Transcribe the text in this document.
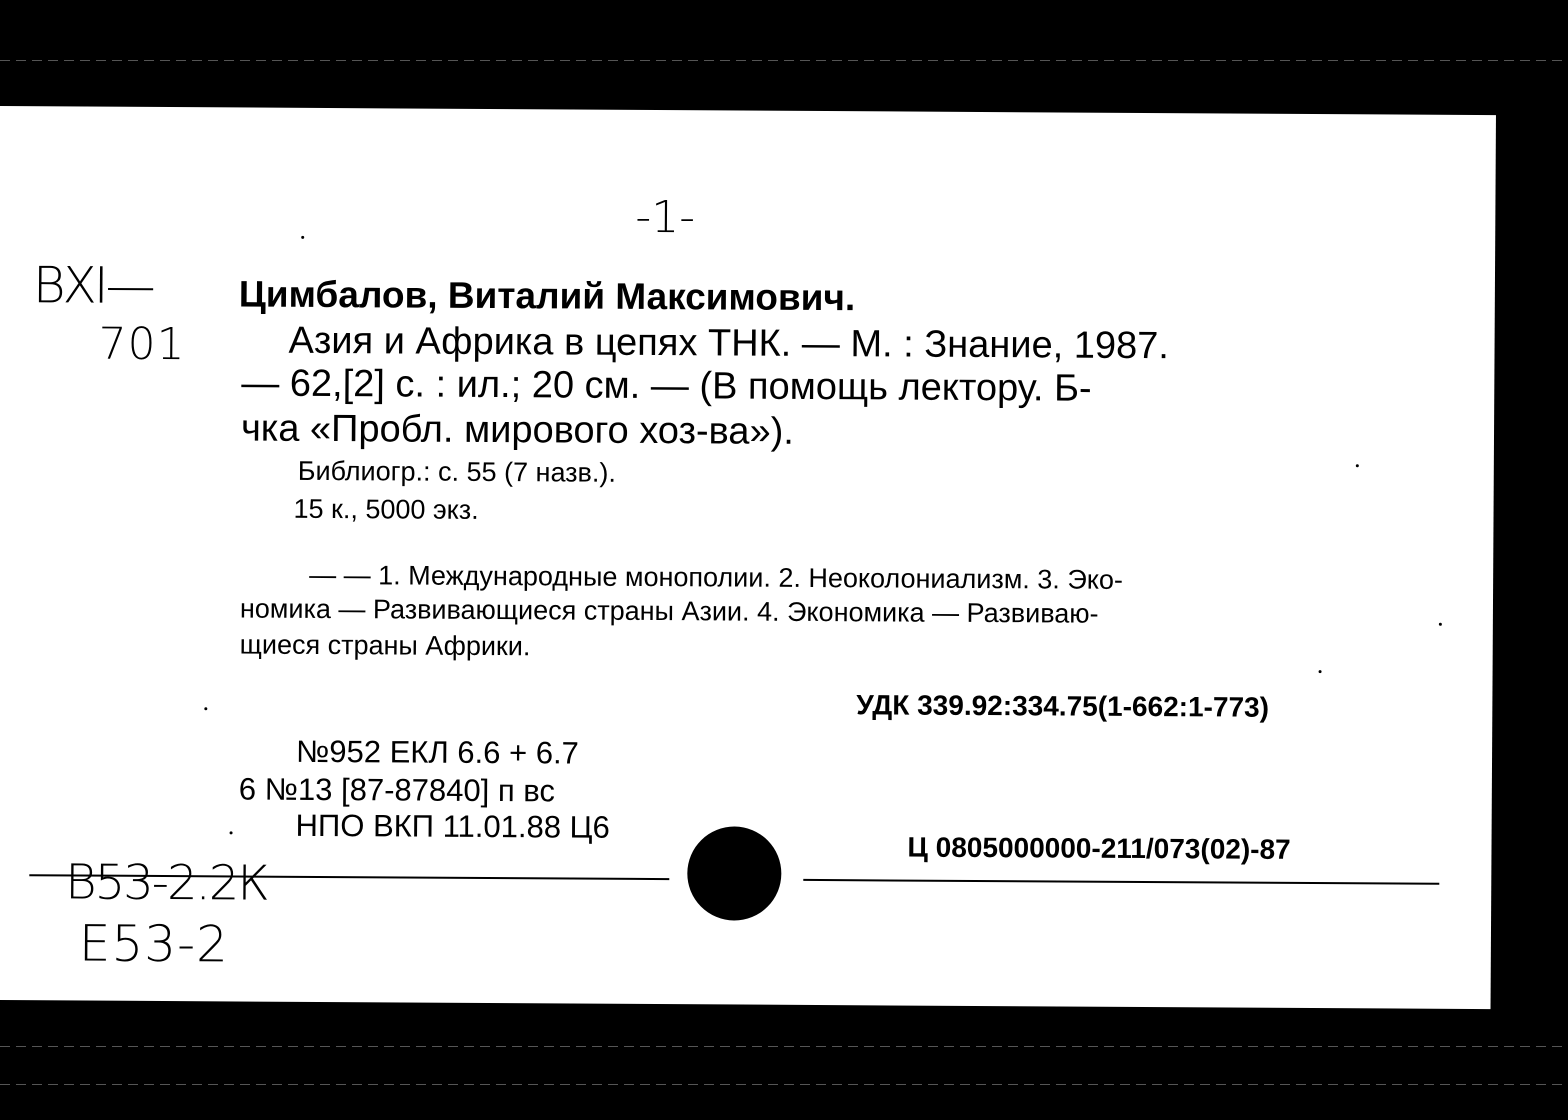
-1-
ВХI—
701
Цимбалов, Виталий Максимович.
Азия и Африка в цепях ТНК. — М. : Знание, 1987.
— 62,[2] с. : ил.; 20 см. — (В помощь лектору. Б-
чка «Пробл. мирового хоз-ва»).
Библиогр.: с. 55 (7 назв.).
15 к., 5000 экз.
— — 1. Международные монополии. 2. Неоколониализм. 3. Эко-
номика — Развивающиеся страны Азии. 4. Экономика — Развиваю-
щиеся страны Африки.
УДК 339.92:334.75(1-662:1-773)
№952 ЕКЛ 6.6 + 6.7
6 №13 [87-87840] п вс
НПО ВКП 11.01.88 Ц6
Ц 0805000000-211/073(02)-87
В53-2.2К
Е53-2
